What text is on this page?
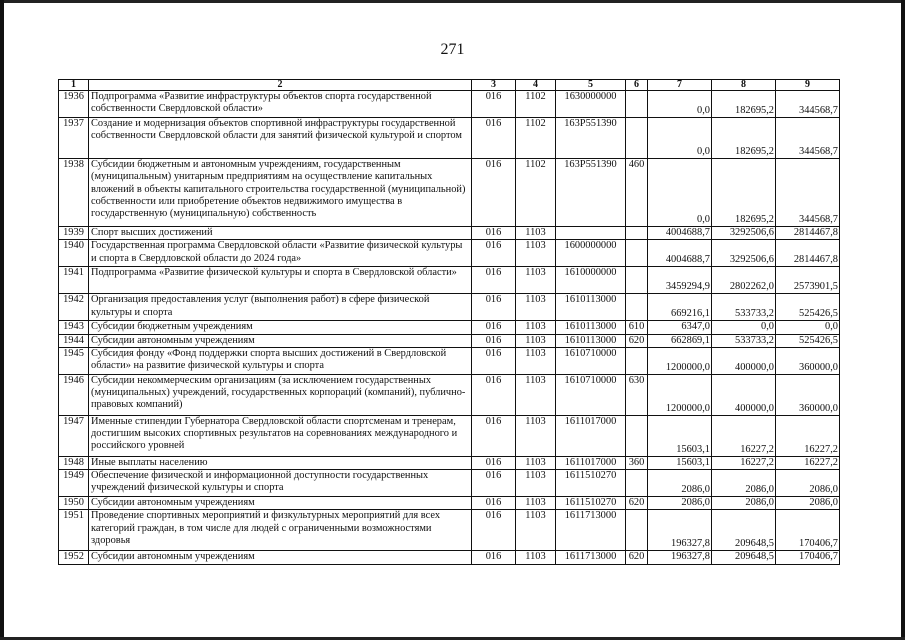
271
1	2	3	4	5	6	7	8	9
1936	Подпрограмма «Развитие инфраструктуры объектов спорта государственной собственности Свердловской области»	016	1102	1630000000		0,0	182695,2	344568,7
1937	Создание и модернизация объектов спортивной инфраструктуры государственной собственности Свердловской области для занятий физической культурой и спортом	016	1102	163P551390		0,0	182695,2	344568,7
1938	Субсидии бюджетным и автономным учреждениям, государственным (муниципальным) унитарным предприятиям на осуществление капитальных вложений в объекты капитального строительства государственной (муниципальной) собственности или приобретение объектов недвижимого имущества в государственную (муниципальную) собственность	016	1102	163P551390	460	0,0	182695,2	344568,7
1939	Спорт высших достижений	016	1103			4004688,7	3292506,6	2814467,8
1940	Государственная программа Свердловской области «Развитие физической культуры и спорта в Свердловской области до 2024 года»	016	1103	1600000000		4004688,7	3292506,6	2814467,8
1941	Подпрограмма «Развитие физической культуры и спорта в Свердловской области»	016	1103	1610000000		3459294,9	2802262,0	2573901,5
1942	Организация предоставления услуг (выполнения работ) в сфере физической культуры и спорта	016	1103	1610113000		669216,1	533733,2	525426,5
1943	Субсидии бюджетным учреждениям	016	1103	1610113000	610	6347,0	0,0	0,0
1944	Субсидии автономным учреждениям	016	1103	1610113000	620	662869,1	533733,2	525426,5
1945	Субсидия фонду «Фонд поддержки спорта высших достижений в Свердловской области» на развитие физической культуры и спорта	016	1103	1610710000		1200000,0	400000,0	360000,0
1946	Субсидии некоммерческим организациям (за исключением государственных (муниципальных) учреждений, государственных корпораций (компаний), публично-правовых компаний)	016	1103	1610710000	630	1200000,0	400000,0	360000,0
1947	Именные стипендии Губернатора Свердловской области спортсменам и тренерам, достигшим высоких спортивных результатов на соревнованиях международного и российского уровней	016	1103	1611017000		15603,1	16227,2	16227,2
1948	Иные выплаты населению	016	1103	1611017000	360	15603,1	16227,2	16227,2
1949	Обеспечение физической и информационной доступности государственных учреждений физической культуры и спорта	016	1103	1611510270		2086,0	2086,0	2086,0
1950	Субсидии автономным учреждениям	016	1103	1611510270	620	2086,0	2086,0	2086,0
1951	Проведение спортивных мероприятий и физкультурных мероприятий для всех категорий граждан, в том числе для людей с ограниченными возможностями здоровья	016	1103	1611713000		196327,8	209648,5	170406,7
1952	Субсидии автономным учреждениям	016	1103	1611713000	620	196327,8	209648,5	170406,7
